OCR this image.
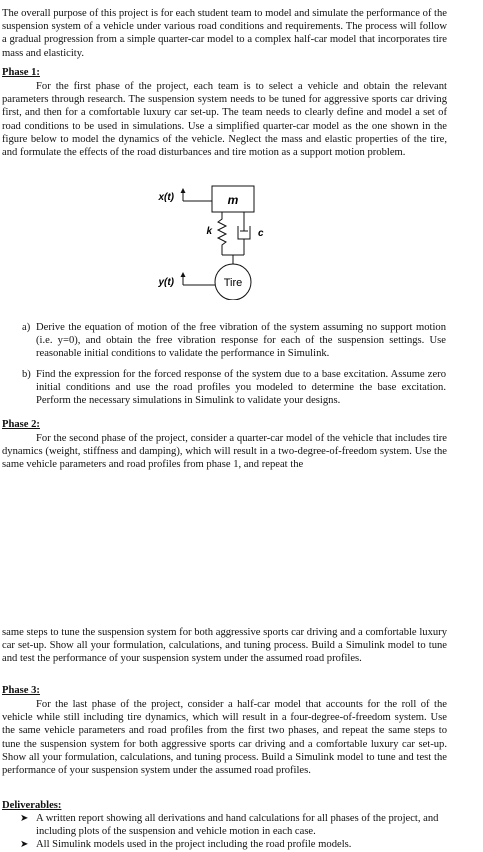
The overall purpose of this project is for each student team to model and simulate the performance of the suspension system of a vehicle under various road conditions and requirements. The process will follow a gradual progression from a simple quarter-car model to a complex half-car model that incorporates tire mass and elasticity.

Phase 1:

For the first phase of the project, each team is to select a vehicle and obtain the relevant parameters through research. The suspension system needs to be tuned for aggressive sports car driving first, and then for a comfortable luxury car set-up. The team needs to clearly define and model a set of road conditions to be used in simulations. Use a simplified quarter-car model as the one shown in the figure below to model the dynamics of the vehicle. Neglect the mass and elastic properties of the tire, and formulate the effects of the road disturbances and tire motion as a support motion problem.

x(t)	m
k	c
y(t)	Tire
a) Derive the equation of motion of the free vibration of the system assuming no support motion (i.e. y=0), and obtain the free vibration response for each of the suspension settings. Use reasonable initial conditions to validate the performance in Simulink.
b) Find the expression for the forced response of the system due to a base excitation. Assume zero initial conditions and use the road profiles you modeled to determine the base excitation. Perform the necessary simulations in Simulink to validate your designs.

Phase 2:

For the second phase of the project, consider a quarter-car model of the vehicle that includes tire dynamics (weight, stiffness and damping), which will result in a two-degree-of-freedom system. Use the same vehicle parameters and road profiles from phase 1, and repeat the

same steps to tune the suspension system for both aggressive sports car driving and a comfortable luxury car set-up. Show all your formulation, calculations, and tuning process. Build a Simulink model to tune and test the performance of your suspension system under the assumed road profiles.

Phase 3:

For the last phase of the project, consider a half-car model that accounts for the roll of the vehicle while still including tire dynamics, which will result in a four-degree-of-freedom system. Use the same vehicle parameters and road profiles from the first two phases, and repeat the same steps to tune the suspension system for both aggressive sports car driving and a comfortable luxury car set-up. Show all your formulation, calculations, and tuning process. Build a Simulink model to tune and test the performance of your suspension system under the assumed road profiles.

Deliverables:

➤ A written report showing all derivations and hand calculations for all phases of the project, and including plots of the suspension and vehicle motion in each case.
➤ All Simulink models used in the project including the road profile models.
